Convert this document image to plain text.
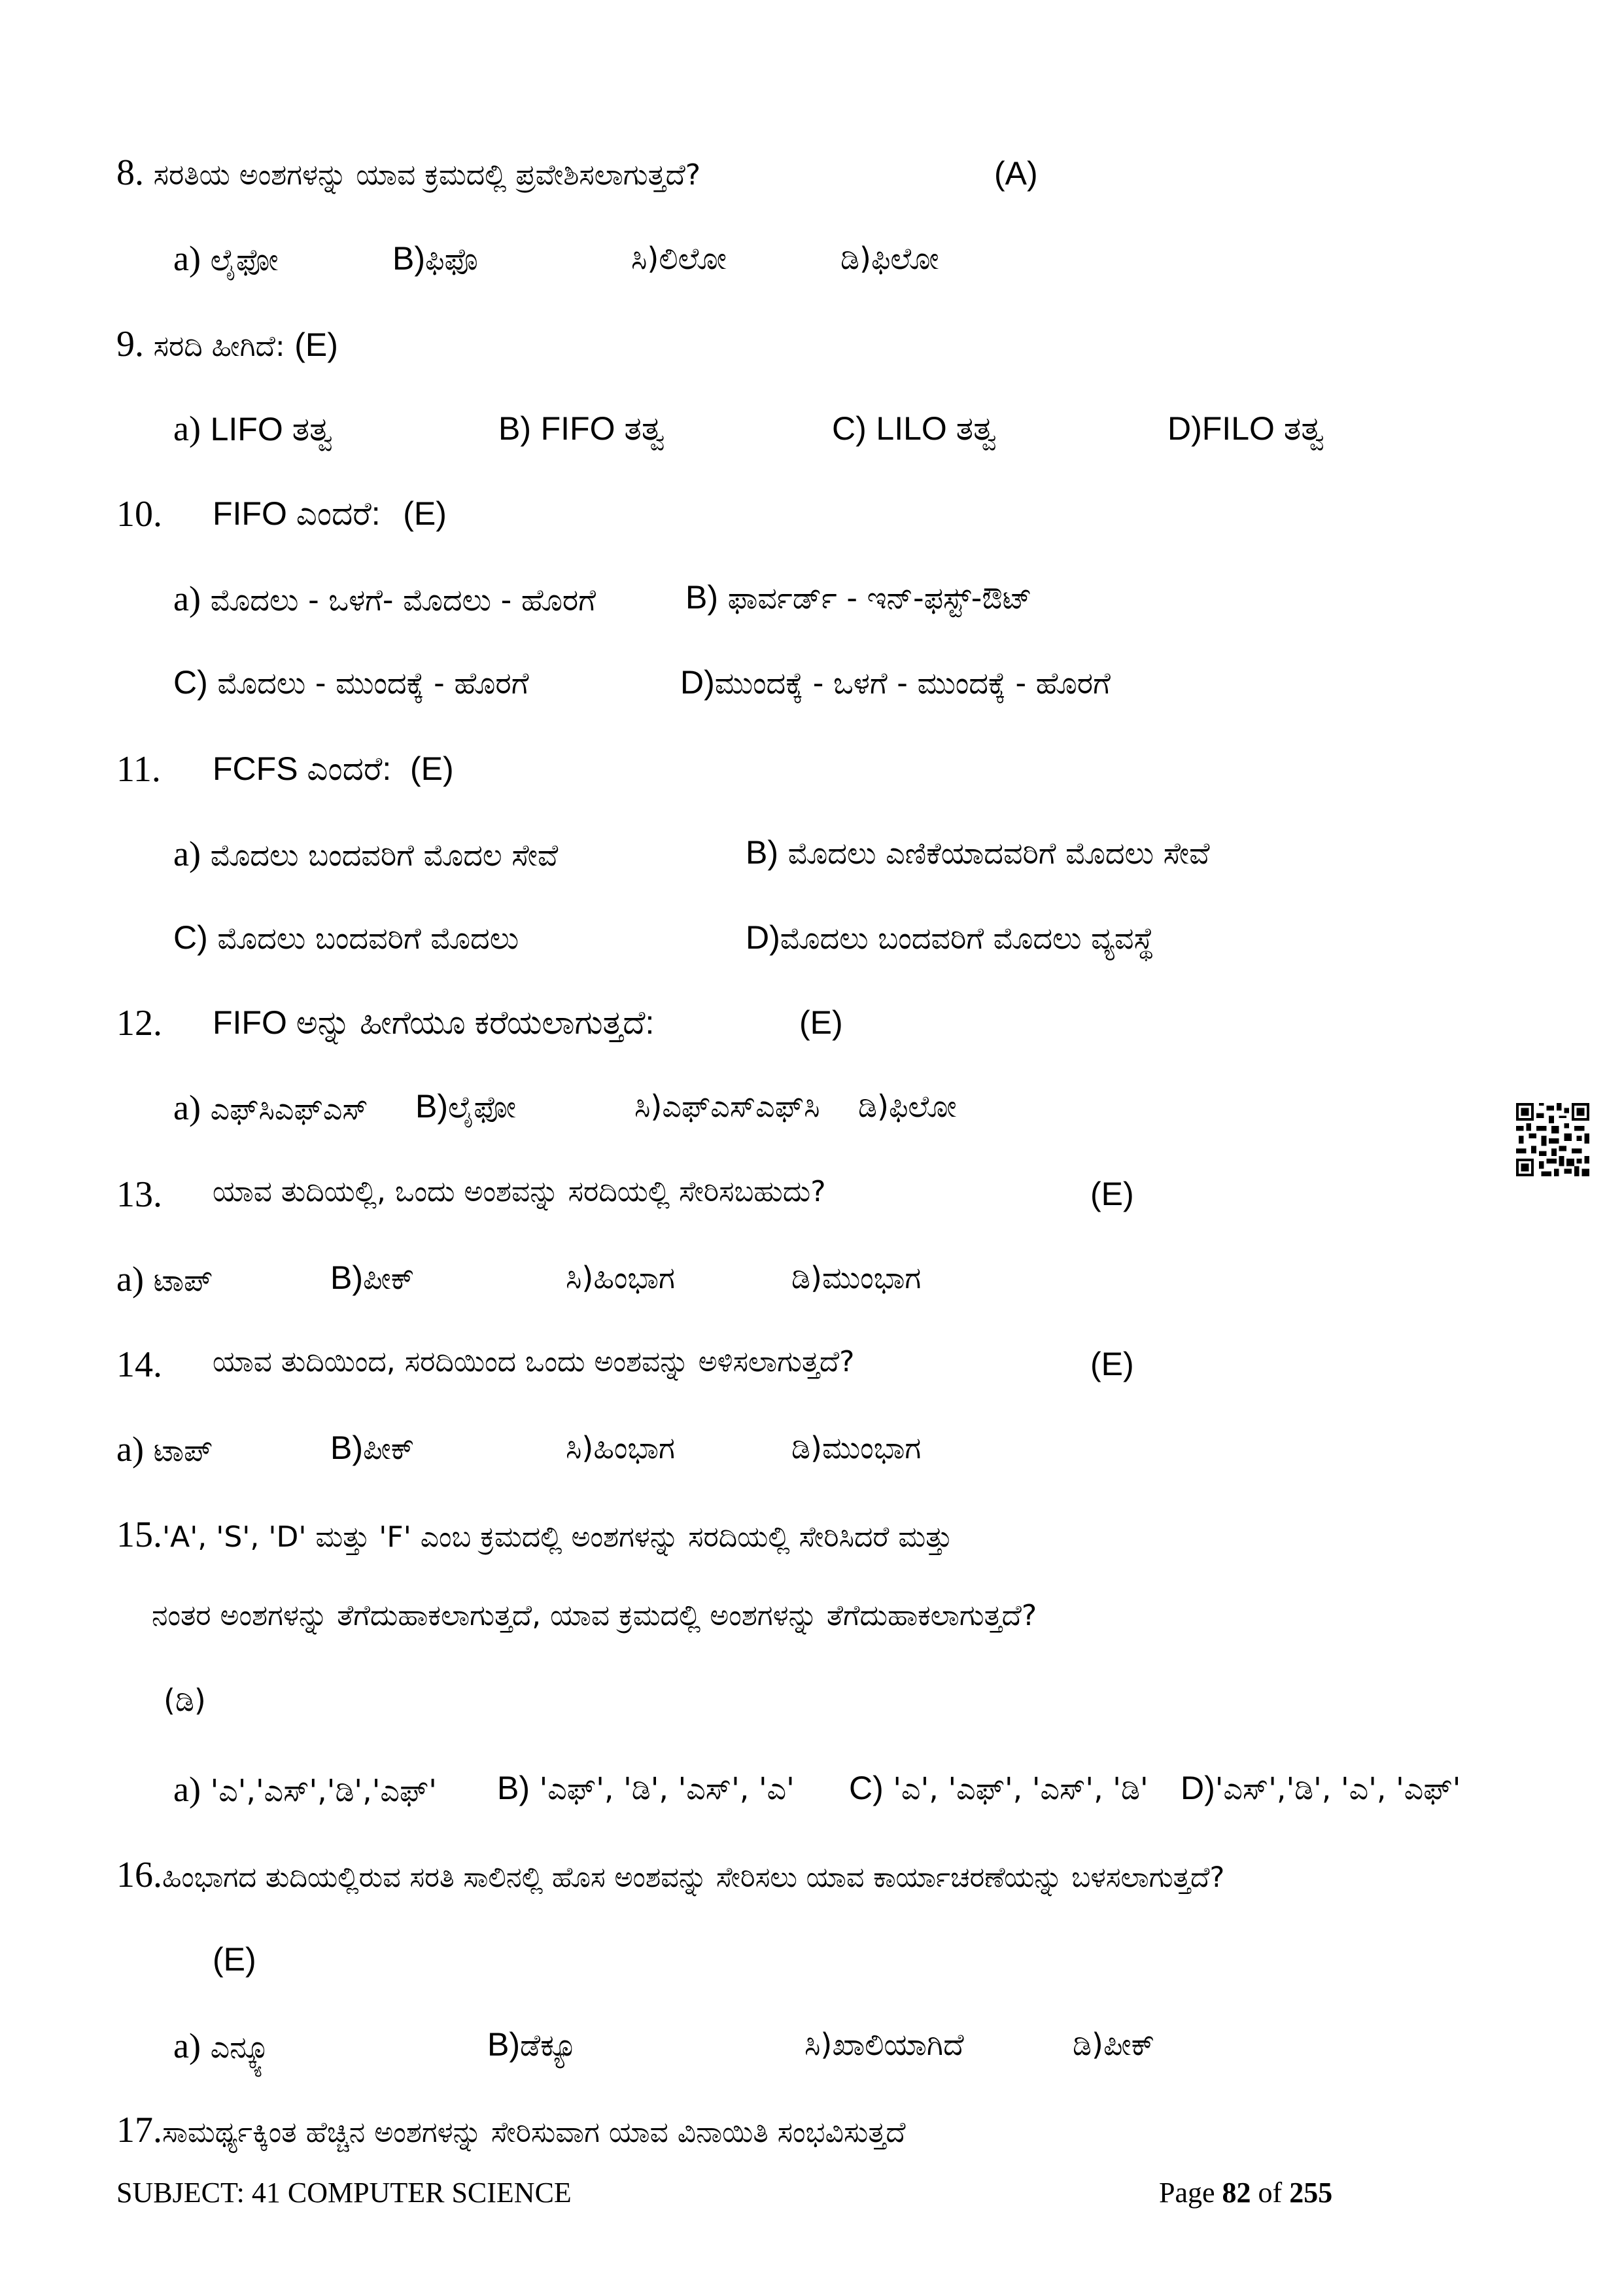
8. ಸರತಿಯ ಅಂಶಗಳನ್ನು ಯಾವ ಕ್ರಮದಲ್ಲಿ ಪ್ರವೇಶಿಸಲಾಗುತ್ತದೆ?	(A)
a) ಲೈಫೋ	B)ಫಿಫೊ	ಸಿ)ಲಿಲೋ	ಡಿ)ಫಿಲೋ
9. ಸರದಿ ಹೀಗಿದೆ: (E)
a) LIFO ತತ್ವ	B) FIFO ತತ್ವ	C) LILO ತತ್ವ	D)FILO ತತ್ವ
10. FIFO ಎಂದರೆ: (E)
a) ಮೊದಲು - ಒಳಗೆ- ಮೊದಲು - ಹೊರಗೆ	B) ಫಾರ್ವರ್ಡ್ - ಇನ್-ಫಸ್ಟ್-ಔಟ್
C) ಮೊದಲು - ಮುಂದಕ್ಕೆ - ಹೊರಗೆ	D)ಮುಂದಕ್ಕೆ - ಒಳಗೆ - ಮುಂದಕ್ಕೆ - ಹೊರಗೆ
11. FCFS ಎಂದರೆ: (E)
a) ಮೊದಲು ಬಂದವರಿಗೆ ಮೊದಲ ಸೇವೆ	B) ಮೊದಲು ಎಣಿಕೆಯಾದವರಿಗೆ ಮೊದಲು ಸೇವೆ
C) ಮೊದಲು ಬಂದವರಿಗೆ ಮೊದಲು	D)ಮೊದಲು ಬಂದವರಿಗೆ ಮೊದಲು ವ್ಯವಸ್ಥೆ
12. FIFO ಅನ್ನು ಹೀಗೆಯೂ ಕರೆಯಲಾಗುತ್ತದೆ:	(E)
a) ಎಫ್‌ಸಿಎಫ್‌ಎಸ್ B)ಲೈಫೋ	ಸಿ)ಎಫ್‌ಎಸ್‌ಎಫ್‌ಸಿ ಡಿ)ಫಿಲೋ
13. ಯಾವ ತುದಿಯಲ್ಲಿ, ಒಂದು ಅಂಶವನ್ನು ಸರದಿಯಲ್ಲಿ ಸೇರಿಸಬಹುದು?	(E)
a) ಟಾಪ್	B)ಪೀಕ್	ಸಿ)ಹಿಂಭಾಗ	ಡಿ)ಮುಂಭಾಗ
14. ಯಾವ ತುದಿಯಿಂದ, ಸರದಿಯಿಂದ ಒಂದು ಅಂಶವನ್ನು ಅಳಿಸಲಾಗುತ್ತದೆ?	(E)
a) ಟಾಪ್	B)ಪೀಕ್	ಸಿ)ಹಿಂಭಾಗ	ಡಿ)ಮುಂಭಾಗ
15.'A', 'S', 'D' ಮತ್ತು 'F' ಎಂಬ ಕ್ರಮದಲ್ಲಿ ಅಂಶಗಳನ್ನು ಸರದಿಯಲ್ಲಿ ಸೇರಿಸಿದರೆ ಮತ್ತು
ನಂತರ ಅಂಶಗಳನ್ನು ತೆಗೆದುಹಾಕಲಾಗುತ್ತದೆ, ಯಾವ ಕ್ರಮದಲ್ಲಿ ಅಂಶಗಳನ್ನು ತೆಗೆದುಹಾಕಲಾಗುತ್ತದೆ?
(ಡಿ)
a) 'ಎ','ಎಸ್','ಡಿ','ಎಫ್' B) 'ಎಫ್', 'ಡಿ', 'ಎಸ್', 'ಎ' C) 'ಎ', 'ಎಫ್', 'ಎಸ್', 'ಡಿ' D)'ಎಸ್','ಡಿ', 'ಎ', 'ಎಫ್'
16.ಹಿಂಭಾಗದ ತುದಿಯಲ್ಲಿರುವ ಸರತಿ ಸಾಲಿನಲ್ಲಿ ಹೊಸ ಅಂಶವನ್ನು ಸೇರಿಸಲು ಯಾವ ಕಾರ್ಯಾಚರಣೆಯನ್ನು ಬಳಸಲಾಗುತ್ತದೆ?
(E)
a) ಎನ್ಕ್ಯೂ	B)ಡೆಕ್ಯೂ	ಸಿ)ಖಾಲಿಯಾಗಿದೆ	ಡಿ)ಪೀಕ್
17.ಸಾಮರ್ಥ್ಯಕ್ಕಿಂತ ಹೆಚ್ಚಿನ ಅಂಶಗಳನ್ನು ಸೇರಿಸುವಾಗ ಯಾವ ವಿನಾಯಿತಿ ಸಂಭವಿಸುತ್ತದೆ
SUBJECT: 41 COMPUTER SCIENCE	Page 82 of 255
